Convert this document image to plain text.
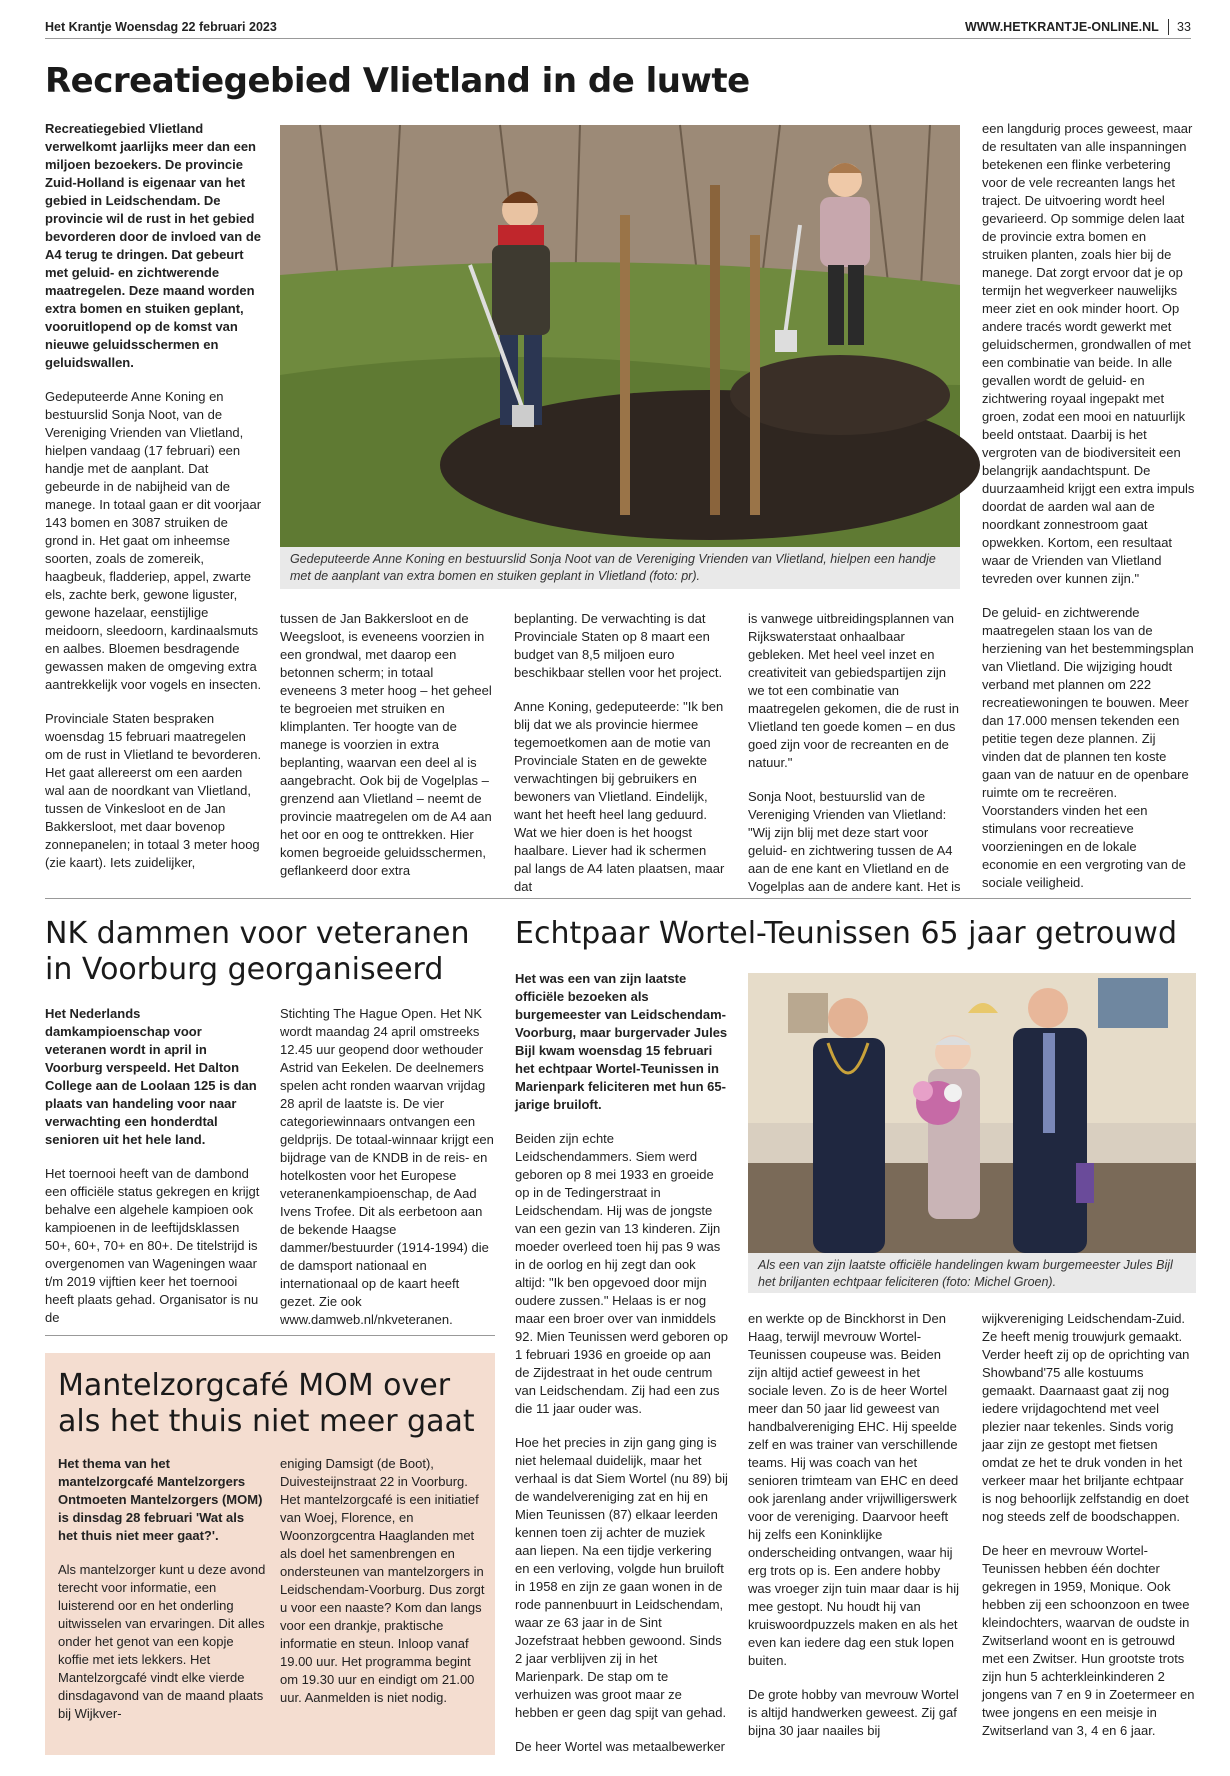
Het Krantje Woensdag 22 februari 2023	WWW.HETKRANTJE-ONLINE.NL 33
Recreatiegebied Vlietland in de luwte

Recreatiegebied Vlietland verwelkomt jaarlijks meer dan een miljoen bezoekers. De provincie Zuid-Holland is eigenaar van het gebied in Leidschendam. De provincie wil de rust in het gebied bevorderen door de invloed van de A4 terug te dringen. Dat gebeurt met geluid- en zichtwerende maatregelen. Deze maand worden extra bomen en stuiken geplant, vooruitlopend op de komst van nieuwe geluidsschermen en geluidswallen.

Gedeputeerde Anne Koning en bestuurslid Sonja Noot, van de Vereniging Vrienden van Vlietland, hielpen vandaag (17 februari) een handje met de aanplant. Dat gebeurde in de nabijheid van de manege. In totaal gaan er dit voorjaar 143 bomen en 3087 struiken de grond in. Het gaat om inheemse soorten, zoals de zomereik, haagbeuk, fladderiep, appel, zwarte els, zachte berk, gewone liguster, gewone hazelaar, eenstijlige meidoorn, sleedoorn, kardinaalsmuts en aalbes. Bloemen besdragende gewassen maken de omgeving extra aantrekkelijk voor vogels en insecten.

Provinciale Staten bespraken woensdag 15 februari maatregelen om de rust in Vlietland te bevorderen. Het gaat allereerst om een aarden wal aan de noordkant van Vlietland, tussen de Vinkesloot en de Jan Bakkersloot, met daar bovenop zonnepanelen; in totaal 3 meter hoog (zie kaart). Iets zuidelijker,

Gedeputeerde Anne Koning en bestuurslid Sonja Noot van de Vereniging Vrienden van Vlietland, hielpen een handje met de aanplant van extra bomen en stuiken geplant in Vlietland (foto: pr).

tussen de Jan Bakkersloot en de Weegsloot, is eveneens voorzien in een grondwal, met daarop een betonnen scherm; in totaal eveneens 3 meter hoog – het geheel te begroeien met struiken en klimplanten. Ter hoogte van de manege is voorzien in extra beplanting, waarvan een deel al is aangebracht. Ook bij de Vogelplas – grenzend aan Vlietland – neemt de provincie maatregelen om de A4 aan het oor en oog te onttrekken. Hier komen begroeide geluidsschermen, geflankeerd door extra

beplanting. De verwachting is dat Provinciale Staten op 8 maart een budget van 8,5 miljoen euro beschikbaar stellen voor het project.

Anne Koning, gedeputeerde: "Ik ben blij dat we als provincie hiermee tegemoetkomen aan de motie van Provinciale Staten en de gewekte verwachtingen bij gebruikers en bewoners van Vlietland. Eindelijk, want het heeft heel lang geduurd. Wat we hier doen is het hoogst haalbare. Liever had ik schermen pal langs de A4 laten plaatsen, maar dat

is vanwege uitbreidingsplannen van Rijkswaterstaat onhaalbaar gebleken. Met heel veel inzet en creativiteit van gebiedspartijen zijn we tot een combinatie van maatregelen gekomen, die de rust in Vlietland ten goede komen – en dus goed zijn voor de recreanten en de natuur."

Sonja Noot, bestuurslid van de Vereniging Vrienden van Vlietland: "Wij zijn blij met deze start voor geluid- en zichtwering tussen de A4 aan de ene kant en Vlietland en de Vogelplas aan de andere kant. Het is

een langdurig proces geweest, maar de resultaten van alle inspanningen betekenen een flinke verbetering voor de vele recreanten langs het traject. De uitvoering wordt heel gevarieerd. Op sommige delen laat de provincie extra bomen en struiken planten, zoals hier bij de manege. Dat zorgt ervoor dat je op termijn het wegverkeer nauwelijks meer ziet en ook minder hoort. Op andere tracés wordt gewerkt met geluidschermen, grondwallen of met een combinatie van beide. In alle gevallen wordt de geluid- en zichtwering royaal ingepakt met groen, zodat een mooi en natuurlijk beeld ontstaat. Daarbij is het vergroten van de biodiversiteit een belangrijk aandachtspunt. De duurzaamheid krijgt een extra impuls doordat de aarden wal aan de noordkant zonnestroom gaat opwekken. Kortom, een resultaat waar de Vrienden van Vlietland tevreden over kunnen zijn."

De geluid- en zichtwerende maatregelen staan los van de herziening van het bestemmingsplan van Vlietland. Die wijziging houdt verband met plannen om 222 recreatiewoningen te bouwen. Meer dan 17.000 mensen tekenden een petitie tegen deze plannen. Zij vinden dat de plannen ten koste gaan van de natuur en de openbare ruimte om te recreëren. Voorstanders vinden het een stimulans voor recreatieve voorzieningen en de lokale economie en een vergroting van de sociale veiligheid.

NK dammen voor veteranen
in Voorburg georganiseerd

Het Nederlands damkampioenschap voor veteranen wordt in april in Voorburg verspeeld. Het Dalton College aan de Loolaan 125 is dan plaats van handeling voor naar verwachting een honderdtal senioren uit het hele land.

Het toernooi heeft van de dambond een officiële status gekregen en krijgt behalve een algehele kampioen ook kampioenen in de leeftijdsklassen 50+, 60+, 70+ en 80+. De titelstrijd is overgenomen van Wageningen waar t/m 2019 vijftien keer het toernooi heeft plaats gehad. Organisator is nu de

Stichting The Hague Open. Het NK wordt maandag 24 april omstreeks 12.45 uur geopend door wethouder Astrid van Eekelen. De deelnemers spelen acht ronden waarvan vrijdag 28 april de laatste is. De vier categoriewinnaars ontvangen een geldprijs. De totaal-winnaar krijgt een bijdrage van de KNDB in de reis- en hotelkosten voor het Europese veteranenkampioenschap, de Aad Ivens Trofee. Dit als eerbetoon aan de bekende Haagse dammer/bestuurder (1914-1994) die de damsport nationaal en internationaal op de kaart heeft gezet. Zie ook www.damweb.nl/nkveteranen.

Mantelzorgcafé MOM over
als het thuis niet meer gaat

Het thema van het mantelzorgcafé Mantelzorgers Ontmoeten Mantelzorgers (MOM) is dinsdag 28 februari 'Wat als het thuis niet meer gaat?'.

Als mantelzorger kunt u deze avond terecht voor informatie, een luisterend oor en het onderling uitwisselen van ervaringen. Dit alles onder het genot van een kopje koffie met iets lekkers. Het Mantelzorgcafé vindt elke vierde dinsdagavond van de maand plaats bij Wijkver-

eniging Damsigt (de Boot), Duivesteijnstraat 22 in Voorburg. Het mantelzorgcafé is een initiatief van Woej, Florence, en Woonzorgcentra Haaglanden met als doel het samenbrengen en ondersteunen van mantelzorgers in Leidschendam-Voorburg. Dus zorgt u voor een naaste? Kom dan langs voor een drankje, praktische informatie en steun. Inloop vanaf 19.00 uur. Het programma begint om 19.30 uur en eindigt om 21.00 uur. Aanmelden is niet nodig.

Echtpaar Wortel-Teunissen 65 jaar getrouwd

Het was een van zijn laatste officiële bezoeken als burgemeester van Leidschendam-Voorburg, maar burgervader Jules Bijl kwam woensdag 15 februari het echtpaar Wortel-Teunissen in Marienpark feliciteren met hun 65-jarige bruiloft.

Beiden zijn echte Leidschendammers. Siem werd geboren op 8 mei 1933 en groeide op in de Tedingerstraat in Leidschendam. Hij was de jongste van een gezin van 13 kinderen. Zijn moeder overleed toen hij pas 9 was in de oorlog en hij zegt dan ook altijd: "Ik ben opgevoed door mijn oudere zussen." Helaas is er nog maar een broer over van inmiddels 92. Mien Teunissen werd geboren op 1 februari 1936 en groeide op aan de Zijdestraat in het oude centrum van Leidschendam. Zij had een zus die 11 jaar ouder was.

Hoe het precies in zijn gang ging is niet helemaal duidelijk, maar het verhaal is dat Siem Wortel (nu 89) bij de wandelvereniging zat en hij en Mien Teunissen (87) elkaar leerden kennen toen zij achter de muziek aan liepen. Na een tijdje verkering en een verloving, volgde hun bruiloft in 1958 en zijn ze gaan wonen in de rode pannenbuurt in Leidschendam, waar ze 63 jaar in de Sint Jozefstraat hebben gewoond. Sinds 2 jaar verblijven zij in het Marienpark. De stap om te verhuizen was groot maar ze hebben er geen dag spijt van gehad.

De heer Wortel was metaalbewerker

Als een van zijn laatste officiële handelingen kwam burgemeester Jules Bijl het briljanten echtpaar feliciteren (foto: Michel Groen).

en werkte op de Binckhorst in Den Haag, terwijl mevrouw Wortel-Teunissen coupeuse was. Beiden zijn altijd actief geweest in het sociale leven. Zo is de heer Wortel meer dan 50 jaar lid geweest van handbalvereniging EHC. Hij speelde zelf en was trainer van verschillende teams. Hij was coach van het senioren trimteam van EHC en deed ook jarenlang ander vrijwilligerswerk voor de vereniging. Daarvoor heeft hij zelfs een Koninklijke onderscheiding ontvangen, waar hij erg trots op is. Een andere hobby was vroeger zijn tuin maar daar is hij mee gestopt. Nu houdt hij van kruiswoordpuzzels maken en als het even kan iedere dag een stuk lopen buiten.

De grote hobby van mevrouw Wortel is altijd handwerken geweest. Zij gaf bijna 30 jaar naailes bij

wijkvereniging Leidschendam-Zuid. Ze heeft menig trouwjurk gemaakt. Verder heeft zij op de oprichting van Showband'75 alle kostuums gemaakt. Daarnaast gaat zij nog iedere vrijdagochtend met veel plezier naar tekenles. Sinds vorig jaar zijn ze gestopt met fietsen omdat ze het te druk vonden in het verkeer maar het briljante echtpaar is nog behoorlijk zelfstandig en doet nog steeds zelf de boodschappen.

De heer en mevrouw Wortel-Teunissen hebben één dochter gekregen in 1959, Monique. Ook hebben zij een schoonzoon en twee kleindochters, waarvan de oudste in Zwitserland woont en is getrouwd met een Zwitser. Hun grootste trots zijn hun 5 achterkleinkinderen 2 jongens van 7 en 9 in Zoetermeer en twee jongens en een meisje in Zwitserland van 3, 4 en 6 jaar.
